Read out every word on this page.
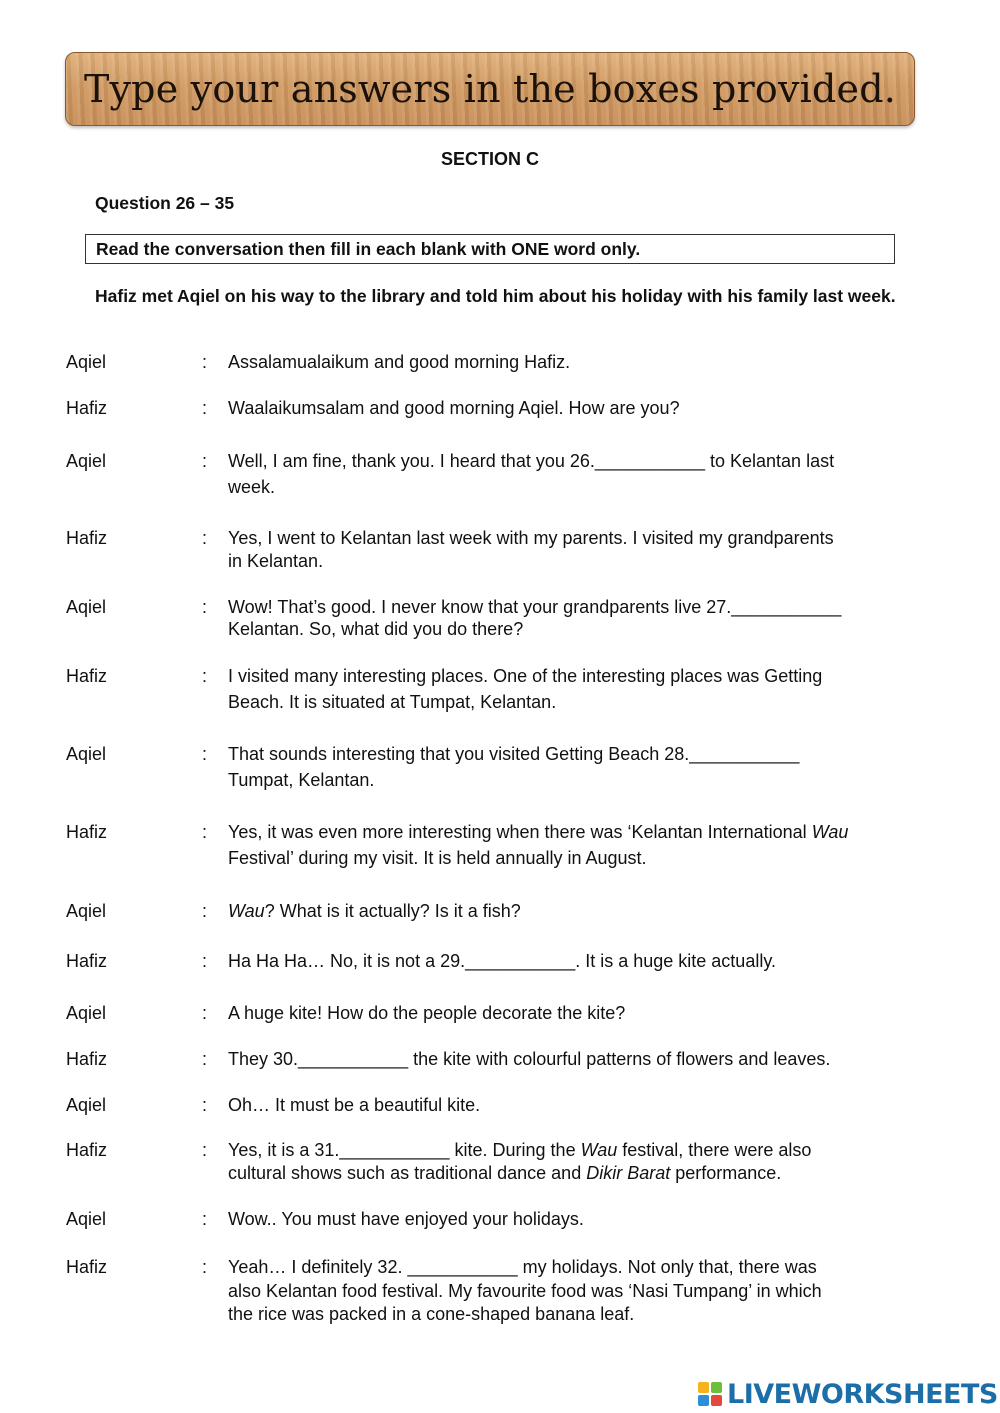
Type your answers in the boxes provided.
SECTION C
Question 26 – 35
Read the conversation then fill in each blank with ONE word only.
Hafiz met Aqiel on his way to the library and told him about his holiday with his family last week.
Aqiel	: Assalamualaikum and good morning Hafiz.
Hafiz	: Waalaikumsalam and good morning Aqiel. How are you?
Aqiel	: Well, I am fine, thank you. I heard that you 26.___________ to Kelantan last
week.
Hafiz	: Yes, I went to Kelantan last week with my parents. I visited my grandparents
in Kelantan.
Aqiel	: Wow! That’s good. I never know that your grandparents live 27.___________
Kelantan. So, what did you do there?
Hafiz	: I visited many interesting places. One of the interesting places was Getting
Beach. It is situated at Tumpat, Kelantan.
Aqiel	: That sounds interesting that you visited Getting Beach 28.___________
Tumpat, Kelantan.
Hafiz	: Yes, it was even more interesting when there was ‘Kelantan International Wau
Festival’ during my visit. It is held annually in August.
Aqiel	: Wau? What is it actually? Is it a fish?
Hafiz	: Ha Ha Ha… No, it is not a 29.___________. It is a huge kite actually.
Aqiel	: A huge kite! How do the people decorate the kite?
Hafiz	: They 30.___________ the kite with colourful patterns of flowers and leaves.
Aqiel	: Oh… It must be a beautiful kite.
Hafiz	: Yes, it is a 31.___________ kite. During the Wau festival, there were also
cultural shows such as traditional dance and Dikir Barat performance.
Aqiel	: Wow.. You must have enjoyed your holidays.
Hafiz	: Yeah… I definitely 32. ___________ my holidays. Not only that, there was
also Kelantan food festival. My favourite food was ‘Nasi Tumpang’ in which
the rice was packed in a cone-shaped banana leaf.
LIVEWORKSHEETS
